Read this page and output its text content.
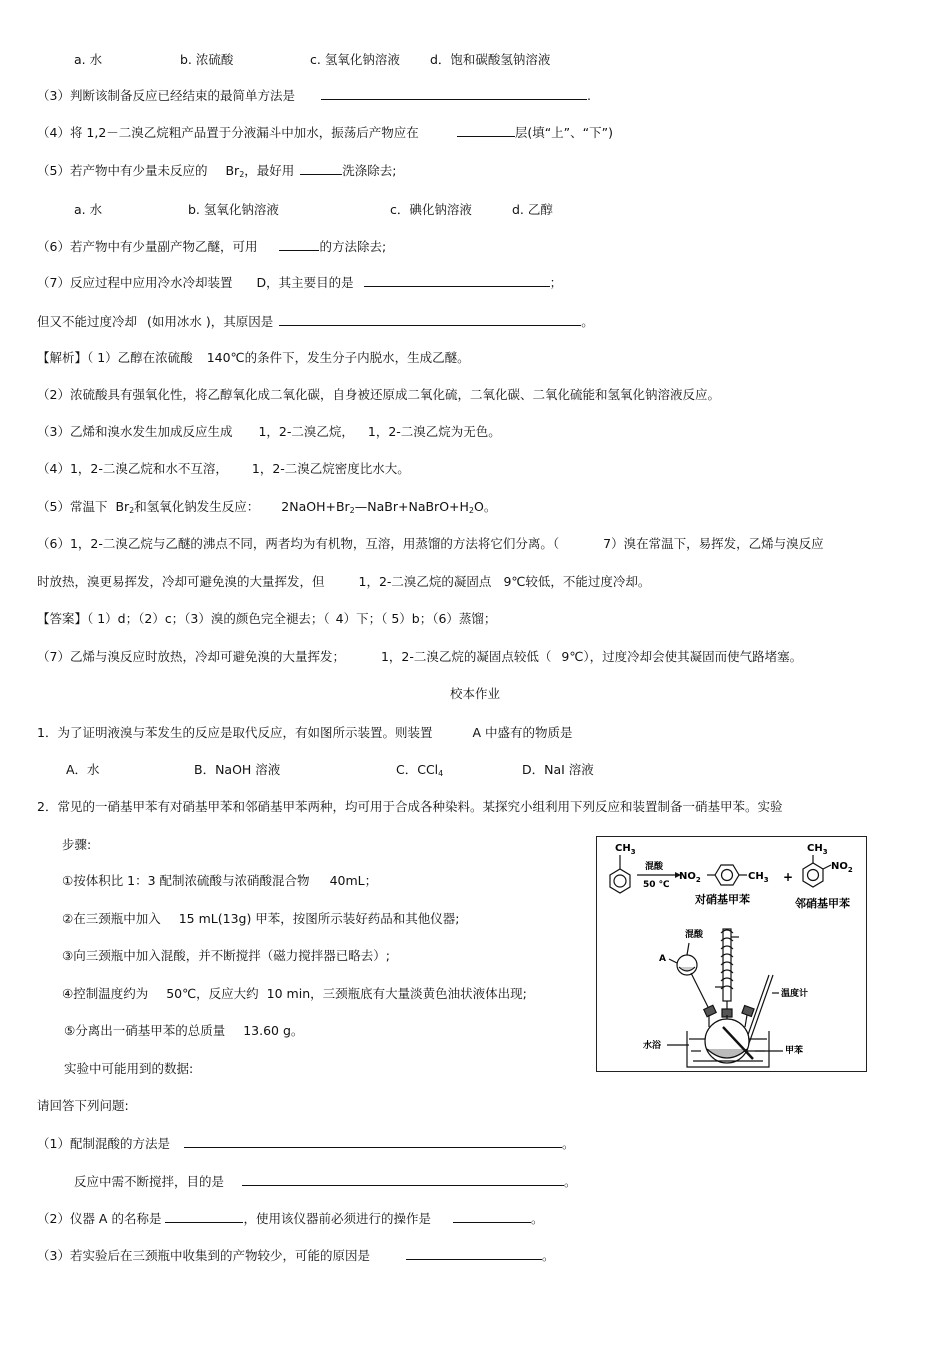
a. 水	b. 浓硫酸	c. 氢氧化钠溶液 d．饱和碳酸氢钠溶液
（3）判断该制备反应已经结束的最简单方法是	.
（4）将 1,2－二溴乙烷粗产品置于分液漏斗中加水，振荡后产物应在	层(填“上”、“下”)
（5）若产物中有少量未反应的 $Br_2$，最好用	洗涤除去;
a. 水	b. 氢氧化钠溶液	c．碘化钠溶液	d. 乙醇
（6）若产物中有少量副产物乙醚，可用	的方法除去;
（7）反应过程中应用冷水冷却装置 D，其主要目的是	；
但又不能过度冷却 (如用冰水 )，其原因是	。
【解析】（ 1）乙醇在浓硫酸 140℃的条件下，发生分子内脱水，生成乙醚。
（2）浓硫酸具有强氧化性，将乙醇氧化成二氧化碳，自身被还原成二氧化硫，二氧化碳、二氧化硫能和氢氧化钠溶液反应。
（3）乙烯和溴水发生加成反应生成 1，2-二溴乙烷， 1，2-二溴乙烷为无色。
（4）1，2-二溴乙烷和水不互溶， 1，2-二溴乙烷密度比水大。
（5）常温下 $Br_2$和氢氧化钠发生反应： $2NaOH+Br_2—NaBr+NaBrO+H_2O$。
（6）1，2-二溴乙烷与乙醚的沸点不同，两者均为有机物，互溶，用蒸馏的方法将它们分离。（	7）溴在常温下，易挥发，乙烯与溴反应
时放热，溴更易挥发，冷却可避免溴的大量挥发，但	1，2-二溴乙烷的凝固点 9℃较低，不能过度冷却。
【答案】（ 1）d；（2）c；（3）溴的颜色完全褪去；（ 4）下；（ 5）b；（6）蒸馏；
（7）乙烯与溴反应时放热，冷却可避免溴的大量挥发；	1，2-二溴乙烷的凝固点较低（ 9℃），过度冷却会使其凝固而使气路堵塞。
校本作业
1．为了证明液溴与苯发生的反应是取代反应，有如图所示装置。则装置	A 中盛有的物质是
A．水	B．NaOH 溶液	C．CCl$_4$	D．NaI 溶液
2．常见的一硝基甲苯有对硝基甲苯和邻硝基甲苯两种，均可用于合成各种染料。某探究小组利用下列反应和装置制备一硝基甲苯。实验
步骤:
①按体积比 1：3 配制浓硫酸与浓硝酸混合物 40mL；
②在三颈瓶中加入 15 mL(13g) 甲苯，按图所示装好药品和其他仪器;
③向三颈瓶中加入混酸，并不断搅拌（磁力搅拌器已略去）;
④控制温度约为 50℃，反应大约 10 min，三颈瓶底有大量淡黄色油状液体出现;
⑤分离出一硝基甲苯的总质量 13.60 g。
实验中可能用到的数据:
请回答下列问题:
（1）配制混酸的方法是	。
反应中需不断搅拌，目的是	。
（2）仪器 A 的名称是	，使用该仪器前必须进行的操作是	。
（3）若实验后在三颈瓶中收集到的产物较少，可能的原因是	。
$CH_3$
混酸
50 ℃
$NO_2$	$CH_3$ +
$CH_3$
$NO_2$
对硝基甲苯	邻硝基甲苯
混酸
A
温度计
水浴	甲苯
